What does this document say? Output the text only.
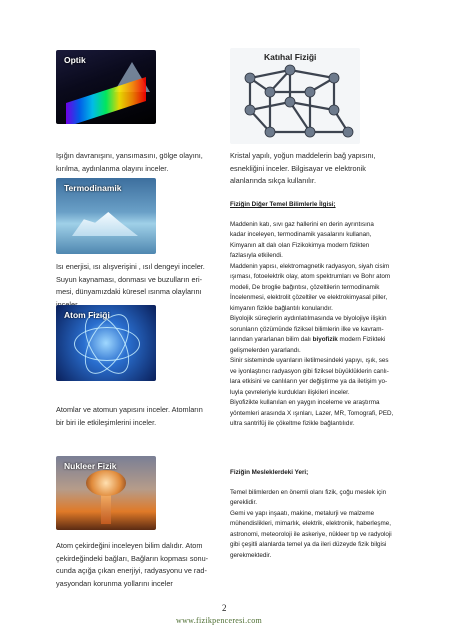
Optik
Işığın davranışını, yansımasını, gölge olayını,
kırılma, aydınlanma olayını inceler.
Katıhal Fiziği
Kristal yapılı, yoğun maddelerin bağ yapısını,
esnekliğini inceler. Bilgisayar ve elektronik
alanlarında sıkça kullanılır.
Termodinamik
Isı enerjisi, ısı alışverişini , ısıl dengeyi inceler.
Suyun kaynaması, donması ve buzulların eri-
mesi, dünyamızdaki küresel ısınma olaylarını
Atom Fiziği
Atomlar ve atomun yapısını inceler. Atomların
bir biri ile etkileşimlerini inceler.
Nukleer Fizik
Atom çekirdeğini inceleyen bilim dalıdır. Atom
çekirdeğindeki bağları, Bağların kopması sonu-
cunda açığa çıkan enerjiyi, radyasyonu ve rad-
yasyondan korunma yollarını inceler

Fiziğin Diğer Temel Bilimlerle İlgisi;

Maddenin katı, sıvı gaz hallerini en derin ayrıntısına

kadar inceleyen, termodinamik yasalarını kullanan,

Kimyanın alt dalı olan Fizikokimya modern fizikten

fazlasıyla etkilendi.

Maddenin yapısı, elektromagnetik radyasyon, siyah cisim

ışıması, fotoelektrik olay, atom spektrumları ve Bohr atom

modeli, De broglie bağıntısı, çözeltilerin termodinamik

İncelenmesi, elektrolit çözeltiler ve elektrokimyasal piller,

kimyanın fizikle bağlantılı konularıdır.

Biyolojik süreçlerin aydınlatılmasında ve biyolojiye ilişkin

sorunların çözümünde fiziksel bilimlerin ilke ve kavram-

larından yararlanan bilim dalı biyofizik modern Fizikteki

gelişmelerden yararlandı.

Sinir sisteminde uyarıların iletilmesindeki yapıyı, ışık, ses

ve iyonlaştırıcı radyasyon gibi fiziksel büyüklüklerin canlı-

lara etkisini ve canlıların yer değiştirme ya da iletişim yo-

luyla çevreleriyle kurdukları ilişkileri inceler.

Biyofizikte kullanılan en yaygın inceleme ve araştırma

yöntemleri arasında X ışınları, Lazer, MR, Tomografi, PED,

ultra santrifüj ile çökeltme fizikle bağlantılıdır.

Fiziğin Mesleklerdeki Yeri;

Temel bilimlerden en önemli olanı fizik, çoğu meslek için

gereklidir.

Gemi ve yapı inşaatı, makine, metalurji ve malzeme

mühendislikleri, mimarlık, elektrik, elektronik, haberleşme,

astronomi, meteoroloji ile askeriye, nükleer tıp ve radyoloji

gibi çeşitli alanlarda temel ya da ileri düzeyde fizik bilgisi

gerekmektedir.

2
www.fizikpenceresi.com
